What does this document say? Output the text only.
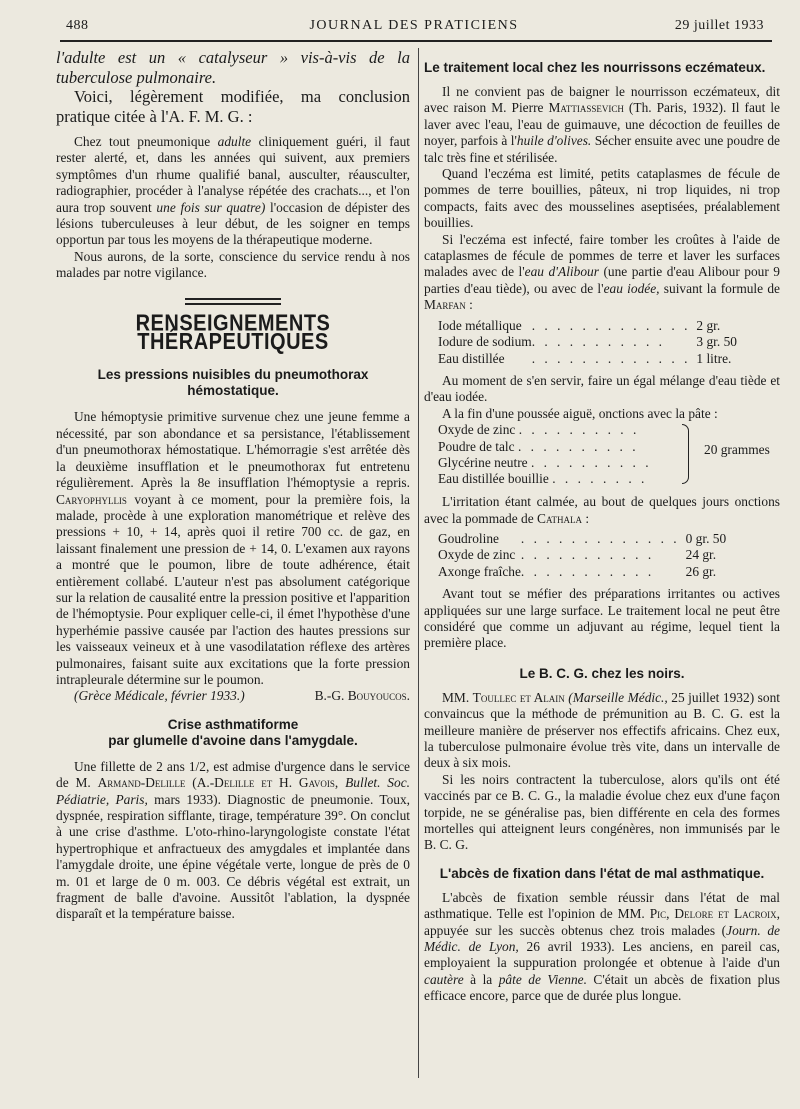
488	JOURNAL DES PRATICIENS	29 juillet 1933

l'adulte est un « catalyseur » vis-à-vis de la tuberculose pulmonaire.

Voici, légèrement modifiée, ma conclusion pratique citée à l'A. F. M. G. :

Chez tout pneumonique adulte cliniquement guéri, il faut rester alerté, et, dans les années qui suivent, aux premiers symptômes d'un rhume qualifié banal, ausculter, réausculter, radiographier, procéder à l'analyse répétée des crachats..., et l'on aura trop souvent une fois sur quatre) l'occasion de dépister des lésions tuberculeuses à leur début, de les soigner en temps opportun par tous les moyens de la thérapeutique moderne.

Nous aurons, de la sorte, conscience du service rendu à nos malades par notre vigilance.

RENSEIGNEMENTS THÉRAPEUTIQUES
Les pressions nuisibles du pneumothorax
hémostatique.

Une hémoptysie primitive survenue chez une jeune femme a nécessité, par son abondance et sa persistance, l'établissement d'un pneumothorax hémostatique. L'hémorragie s'est arrêtée dès la deuxième insufflation et le pneumothorax fut entretenu régulièrement. Après la 8e insufflation l'hémoptysie a repris. Caryophyllis voyant à ce moment, pour la première fois, la malade, procède à une exploration manométrique et relève des pressions + 10, + 14, après quoi il retire 700 cc. de gaz, en laissant finalement une pression de + 14, 0. L'examen aux rayons a montré que le poumon, libre de toute adhérence, était entièrement collabé. L'auteur n'est pas absolument catégorique sur la relation de causalité entre la pression positive et l'apparition de l'hémoptysie. Pour expliquer celle-ci, il émet l'hypothèse d'une hyperhémie passive causée par l'action des hautes pressions sur les vaisseaux veineux et à une vasodilatation réflexe des artères pulmonaires, faisant suite aux excitations que la forte pression intrapleurale détermine sur le poumon.

(Grèce Médicale, février 1933.)	B.-G. Bouyoucos.

Crise asthmatiforme
par glumelle d'avoine dans l'amygdale.

Une fillette de 2 ans 1/2, est admise d'urgence dans le service de M. Armand-Delille (A.-Delille et H. Gavois, Bullet. Soc. Pédiatrie, Paris, mars 1933). Diagnostic de pneumonie. Toux, dyspnée, respiration sifflante, tirage, température 39°. On conclut à une crise d'asthme. L'oto-rhino-laryngologiste constate l'état hypertrophique et anfractueux des amygdales et implantée dans l'amygdale droite, une épine végétale verte, longue de près de 0 m. 01 et large de 0 m. 003. Ce débris végétal est extrait, un fragment de balle d'avoine. Aussitôt l'ablation, la dyspnée disparaît et la température baisse.

Le traitement local chez les nourrissons eczémateux.

Il ne convient pas de baigner le nourrisson eczémateux, dit avec raison M. Pierre Mattiassevich (Th. Paris, 1932). Il faut le laver avec l'eau, l'eau de guimauve, une décoction de feuilles de noyer, parfois à l'huile d'olives. Sécher ensuite avec une poudre de talc très fine et stérilisée.

Quand l'eczéma est limité, petits cataplasmes de fécule de pommes de terre bouillies, pâteux, ni trop liquides, ni trop compacts, faits avec des mousselines aseptisées, préalablement bouillies.

Si l'eczéma est infecté, faire tomber les croûtes à l'aide de cataplasmes de fécule de pommes de terre et laver les surfaces malades avec de l'eau d'Alibour (une partie d'eau Alibour pour 9 parties d'eau tiède), ou avec de l'eau iodée, suivant la formule de Marfan :

Iode métallique	. . . . . . . . . . . . .	2 gr.
Iodure de sodium	. . . . . . . . . . .	3 gr. 50
Eau distillée	. . . . . . . . . . . . .	1 litre.

Au moment de s'en servir, faire un égal mélange d'eau tiède et d'eau iodée.

A la fin d'une poussée aiguë, onctions avec la pâte :

Oxyde de zinc . . . . . . . . . .
Poudre de talc . . . . . . . . . .
Glycérine neutre . . . . . . . . . .
Eau distillée bouillie . . . . . . . .
20 grammes

L'irritation étant calmée, au bout de quelques jours onctions avec la pommade de Cathala :

Goudroline	. . . . . . . . . . . . .	0 gr. 50
Oxyde de zinc	. . . . . . . . . . .	24 gr.
Axonge fraîche	. . . . . . . . . . .	26 gr.

Avant tout se méfier des préparations irritantes ou actives appliquées sur une large surface. Le traitement local ne peut être considéré que comme un adjuvant au régime, lequel tient la première place.

Le B. C. G. chez les noirs.

MM. Toullec et Alain (Marseille Médic., 25 juillet 1932) sont convaincus que la méthode de prémunition au B. C. G. est la meilleure manière de préserver nos effectifs africains. Chez eux, la tuberculose pulmonaire évolue très vite, dans un intervalle de deux à six mois.

Si les noirs contractent la tuberculose, alors qu'ils ont été vaccinés par ce B. C. G., la maladie évolue chez eux d'une façon torpide, ne se généralise pas, bien différente en cela des formes mortelles qui atteignent leurs congénères, non immunisés par le B. C. G.

L'abcès de fixation dans l'état de mal asthmatique.

L'abcès de fixation semble réussir dans l'état de mal asthmatique. Telle est l'opinion de MM. Pic, Delore et Lacroix, appuyée sur les succès obtenus chez trois malades (Journ. de Médic. de Lyon, 26 avril 1933). Les anciens, en pareil cas, employaient la suppuration prolongée et obtenue à l'aide d'un cautère à la pâte de Vienne. C'était un abcès de fixation plus efficace encore, parce que de durée plus longue.
